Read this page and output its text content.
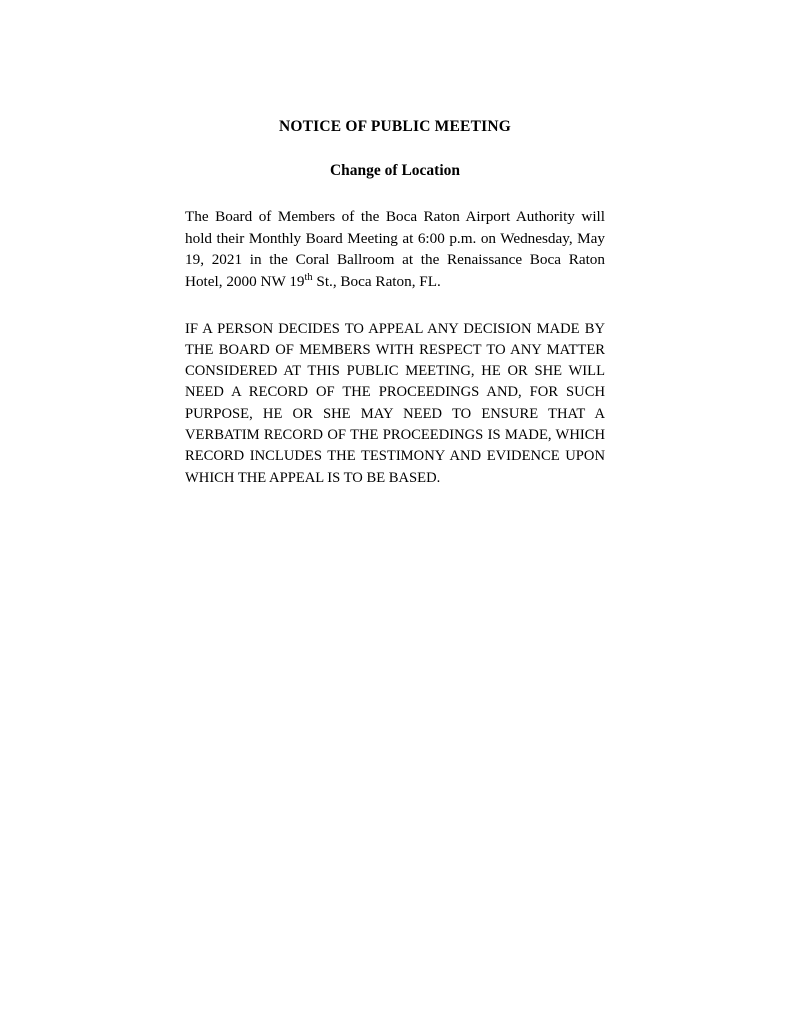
NOTICE OF PUBLIC MEETING
Change of Location

The Board of Members of the Boca Raton Airport Authority will hold their Monthly Board Meeting at 6:00 p.m. on Wednesday, May 19, 2021 in the Coral Ballroom at the Renaissance Boca Raton Hotel, 2000 NW 19th St., Boca Raton, FL.

IF A PERSON DECIDES TO APPEAL ANY DECISION MADE BY THE BOARD OF MEMBERS WITH RESPECT TO ANY MATTER CONSIDERED AT THIS PUBLIC MEETING, HE OR SHE WILL NEED A RECORD OF THE PROCEEDINGS AND, FOR SUCH PURPOSE, HE OR SHE MAY NEED TO ENSURE THAT A VERBATIM RECORD OF THE PROCEEDINGS IS MADE, WHICH RECORD INCLUDES THE TESTIMONY AND EVIDENCE UPON WHICH THE APPEAL IS TO BE BASED.
